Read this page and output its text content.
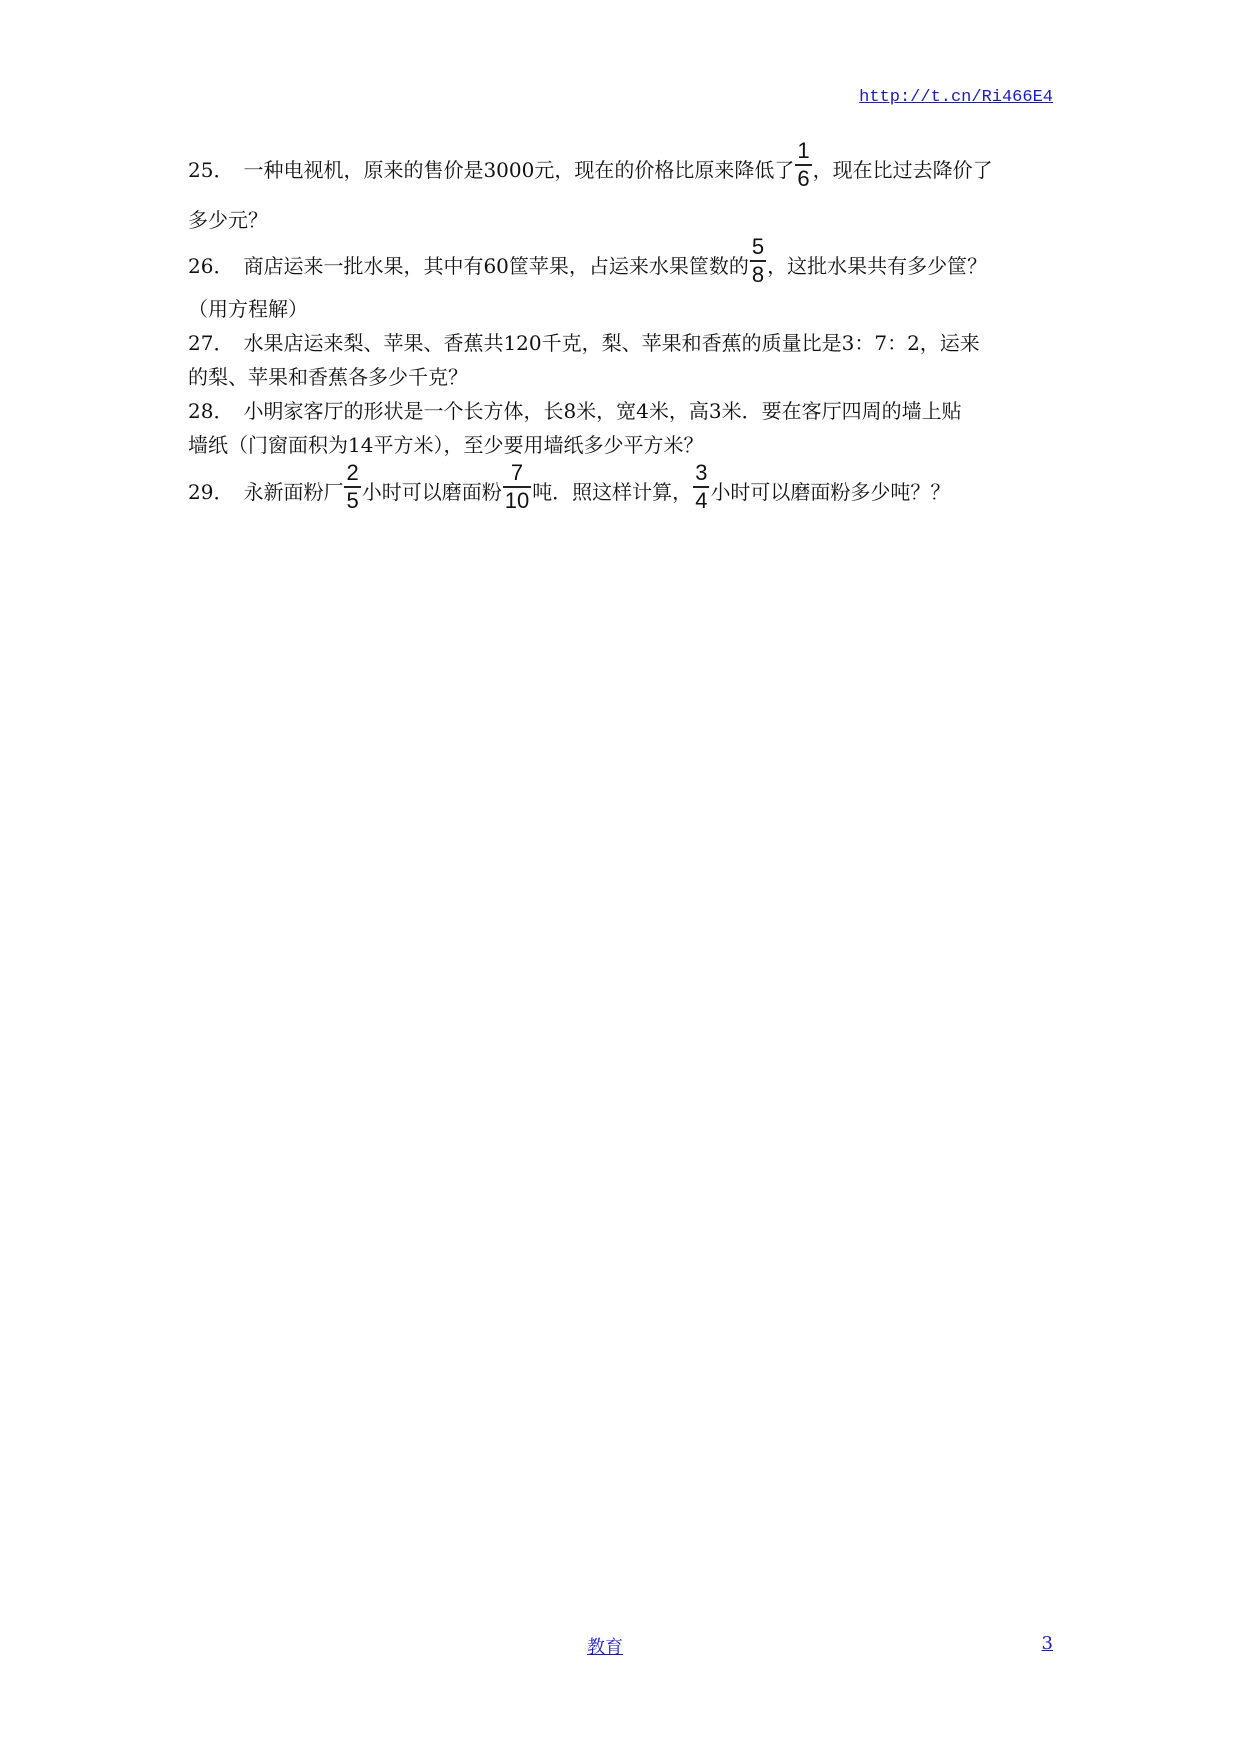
http://t.cn/Ri466E4
25． 一种电视机，原来的售价是3000元，现在的价格比原来降低了 $\frac{1}{6}$ ，现在比过去降价了
多少元？
26． 商店运来一批水果，其中有60筐苹果，占运来水果筐数的 $\frac{5}{8}$ ，这批水果共有多少筐？
（用方程解）
27． 水果店运来梨、苹果、香蕉共120千克，梨、苹果和香蕉的质量比是3：7：2，运来
的梨、苹果和香蕉各多少千克？
28． 小明家客厅的形状是一个长方体，长8米，宽4米，高3米．要在客厅四周的墙上贴
墙纸（门窗面积为14平方米），至少要用墙纸多少平方米？
29． 永新面粉厂 $\frac{2}{5}$ 小时可以磨面粉 $\frac{7}{10}$ 吨．照这样计算， $\frac{3}{4}$ 小时可以磨面粉多少吨？？
教育	3
